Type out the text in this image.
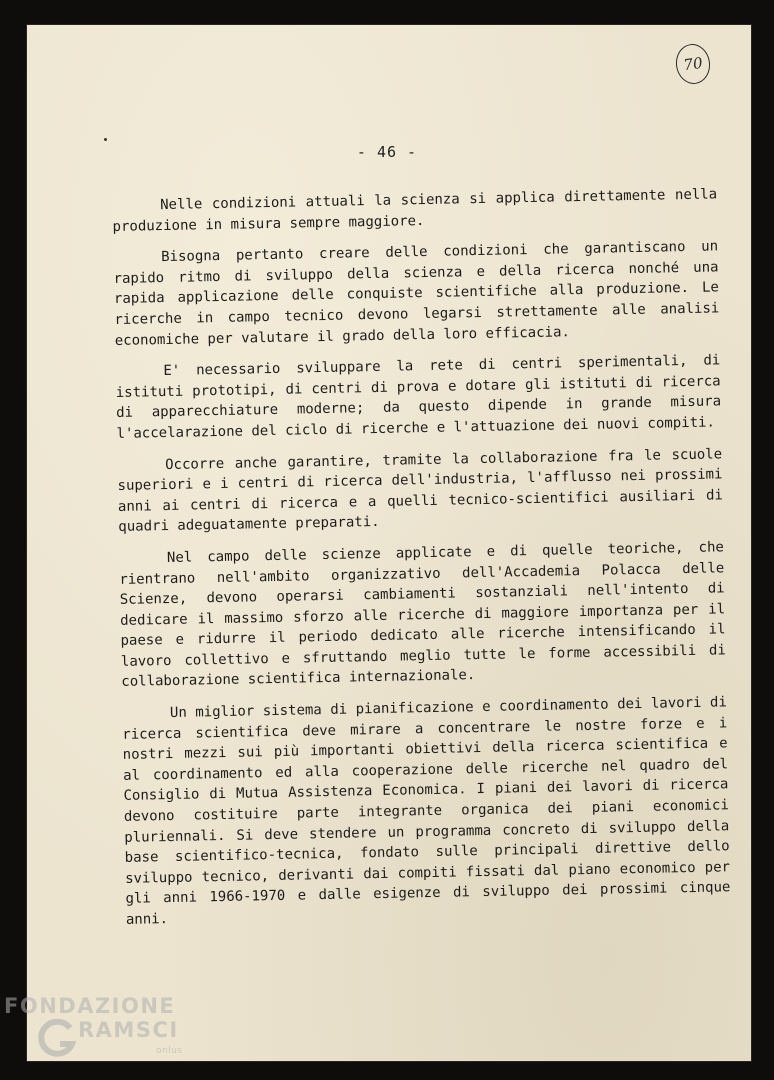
70
- 46 -

Nelle condizioni attuali la scienza si applica direttamente nella produzione in misura sempre maggiore.

Bisogna pertanto creare delle condizioni che garantiscano un rapido ritmo di sviluppo della scienza e della ricerca nonché una rapida applicazione delle conquiste scientifiche alla produzione. Le ricerche in campo tecnico devono legarsi strettamente alle analisi economiche per valutare il grado della loro efficacia.

E' necessario sviluppare la rete di centri sperimentali, di istituti prototipi, di centri di prova e dotare gli istituti di ricerca di apparecchiature moderne; da questo dipende in grande misura l'accelarazione del ciclo di ricerche e l'attuazione dei nuovi compiti.

Occorre anche garantire, tramite la collaborazione fra le scuole superiori e i centri di ricerca dell'industria, l'afflusso nei prossimi anni ai centri di ricerca e a quelli tecnico-scientifici ausiliari di quadri adeguatamente preparati.

Nel campo delle scienze applicate e di quelle teoriche, che rientrano nell'ambito organizzativo dell'Accademia Polacca delle Scienze, devono operarsi cambiamenti sostanziali nell'intento di dedicare il massimo sforzo alle ricerche di maggiore importanza per il paese e ridurre il periodo dedicato alle ricerche intensificando il lavoro collettivo e sfruttando meglio tutte le forme accessibili di collaborazione scientifica internazionale.

Un miglior sistema di pianificazione e coordinamento dei lavori di ricerca scientifica deve mirare a concentrare le nostre forze e i nostri mezzi sui più importanti obiettivi della ricerca scientifica e al coordinamento ed alla cooperazione delle ricerche nel quadro del Consiglio di Mutua Assistenza Economica. I piani dei lavori di ricerca devono costituire parte integrante organica dei piani economici pluriennali. Si deve stendere un programma concreto di sviluppo della base scientifico-tecnica, fondato sulle principali direttive dello sviluppo tecnico, derivanti dai compiti fissati dal piano economico per gli anni 1966-1970 e dalle esigenze di sviluppo dei prossimi cinque anni.

FONDAZIONE
RAMSCI
onlus
